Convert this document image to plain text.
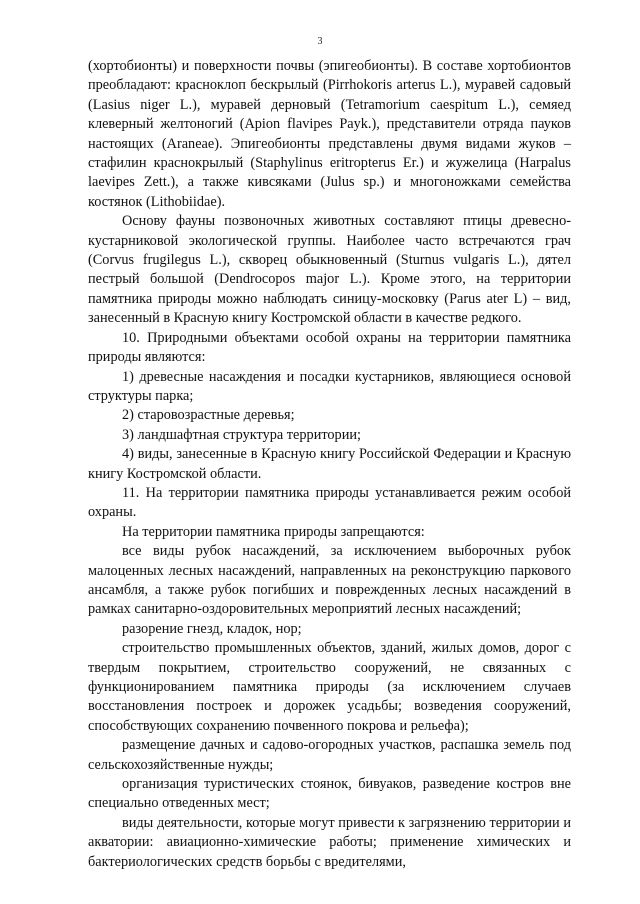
3

(хортобионты) и поверхности почвы (эпигеобионты). В составе хортобионтов преобладают: красноклоп бескрылый (Pirrhokoris arterus L.), муравей садовый (Lasius niger L.), муравей дерновый (Tetramorium caespitum L.), семяед клеверный желтоногий (Apion flavipes Payk.), представители отряда пауков настоящих (Araneae). Эпигеобионты представлены двумя видами жуков – стафилин краснокрылый (Staphylinus eritropterus Er.) и жужелица (Harpalus laevipes Zett.), а также кивсяками (Julus sp.) и многоножками семейства костянок (Lithobiidae).

Основу фауны позвоночных животных составляют птицы древесно-кустарниковой экологической группы. Наиболее часто встречаются грач (Corvus frugilegus L.), скворец обыкновенный (Sturnus vulgaris L.), дятел пестрый большой (Dendrocopos major L.). Кроме этого, на территории памятника природы можно наблюдать синицу-московку (Parus ater L) – вид, занесенный в Красную книгу Костромской области в качестве редкого.

10. Природными объектами особой охраны на территории памятника природы являются:

1) древесные насаждения и посадки кустарников, являющиеся основой структуры парка;

2) старовозрастные деревья;

3) ландшафтная структура территории;

4) виды, занесенные в Красную книгу Российской Федерации и Красную книгу Костромской области.

11. На территории памятника природы устанавливается режим особой охраны.

На территории памятника природы запрещаются:

все виды рубок насаждений, за исключением выборочных рубок малоценных лесных насаждений, направленных на реконструкцию паркового ансамбля, а также рубок погибших и поврежденных лесных насаждений в рамках санитарно-оздоровительных мероприятий лесных насаждений;

разорение гнезд, кладок, нор;

строительство промышленных объектов, зданий, жилых домов, дорог с твердым покрытием, строительство сооружений, не связанных с функционированием памятника природы (за исключением случаев восстановления построек и дорожек усадьбы; возведения сооружений, способствующих сохранению почвенного покрова и рельефа);

размещение дачных и садово-огородных участков, распашка земель под сельскохозяйственные нужды;

организация туристических стоянок, бивуаков, разведение костров вне специально отведенных мест;

виды деятельности, которые могут привести к загрязнению территории и акватории: авиационно-химические работы; применение химических и бактериологических средств борьбы с вредителями,
